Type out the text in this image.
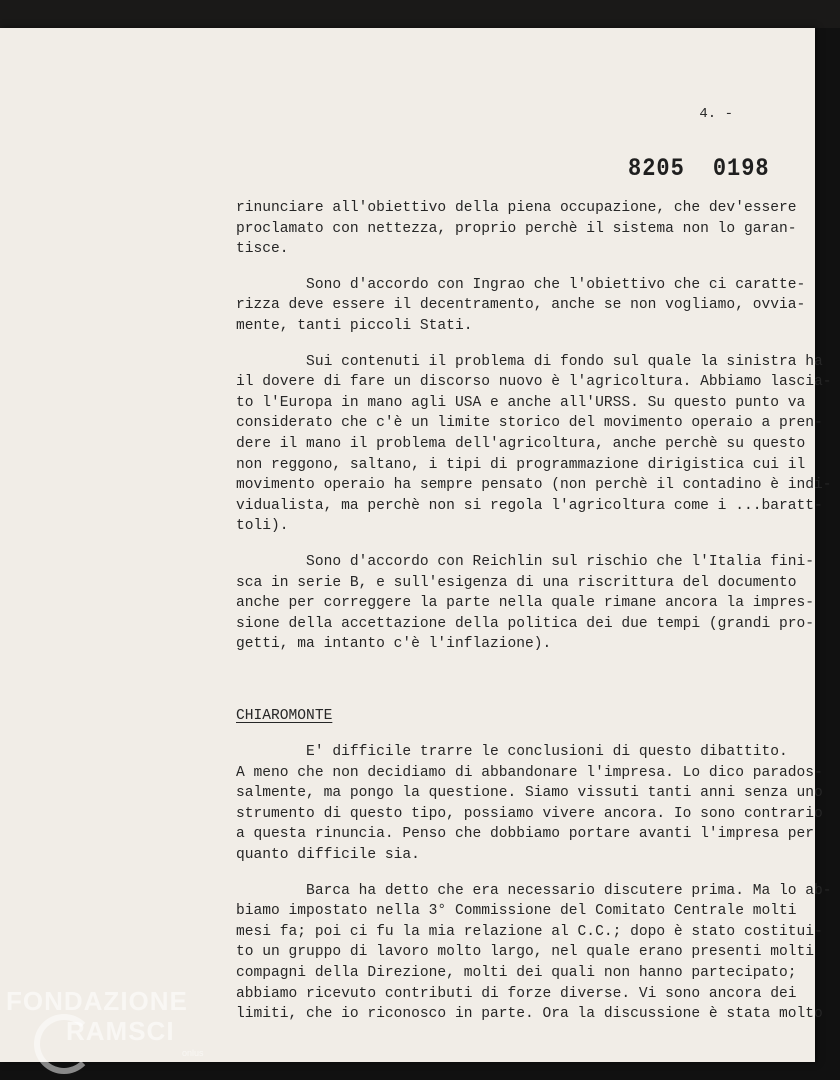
4. -
8205 0198
rinunciare all'obiettivo della piena occupazione, che dev'essere
proclamato con nettezza, proprio perchè il sistema non lo garan-
tisce.
Sono d'accordo con Ingrao che l'obiettivo che ci caratte-
rizza deve essere il decentramento, anche se non vogliamo, ovvia-
mente, tanti piccoli Stati.
Sui contenuti il problema di fondo sul quale la sinistra ha
il dovere di fare un discorso nuovo è l'agricoltura. Abbiamo lascia-
to l'Europa in mano agli USA e anche all'URSS. Su questo punto va
considerato che c'è un limite storico del movimento operaio a pren-
dere il mano il problema dell'agricoltura, anche perchè su questo
non reggono, saltano, i tipi di programmazione dirigistica cui il
movimento operaio ha sempre pensato (non perchè il contadino è indi-
vidualista, ma perchè non si regola l'agricoltura come i ...baratt-
toli).
Sono d'accordo con Reichlin sul rischio che l'Italia fini-
sca in serie B, e sull'esigenza di una riscrittura del documento
anche per correggere la parte nella quale rimane ancora la impres-
sione della accettazione della politica dei due tempi (grandi pro-
getti, ma intanto c'è l'inflazione).
CHIAROMONTE
E' difficile trarre le conclusioni di questo dibattito.
A meno che non decidiamo di abbandonare l'impresa. Lo dico parados-
salmente, ma pongo la questione. Siamo vissuti tanti anni senza uno
strumento di questo tipo, possiamo vivere ancora. Io sono contrario
a questa rinuncia. Penso che dobbiamo portare avanti l'impresa per
quanto difficile sia.
Barca ha detto che era necessario discutere prima. Ma lo ab-
biamo impostato nella 3° Commissione del Comitato Centrale molti
mesi fa; poi ci fu la mia relazione al C.C.; dopo è stato costitui-
to un gruppo di lavoro molto largo, nel quale erano presenti molti
compagni della Direzione, molti dei quali non hanno partecipato;
abbiamo ricevuto contributi di forze diverse. Vi sono ancora dei
limiti, che io riconosco in parte. Ora la discussione è stata molto
FONDAZIONE
RAMSCI
onlus
